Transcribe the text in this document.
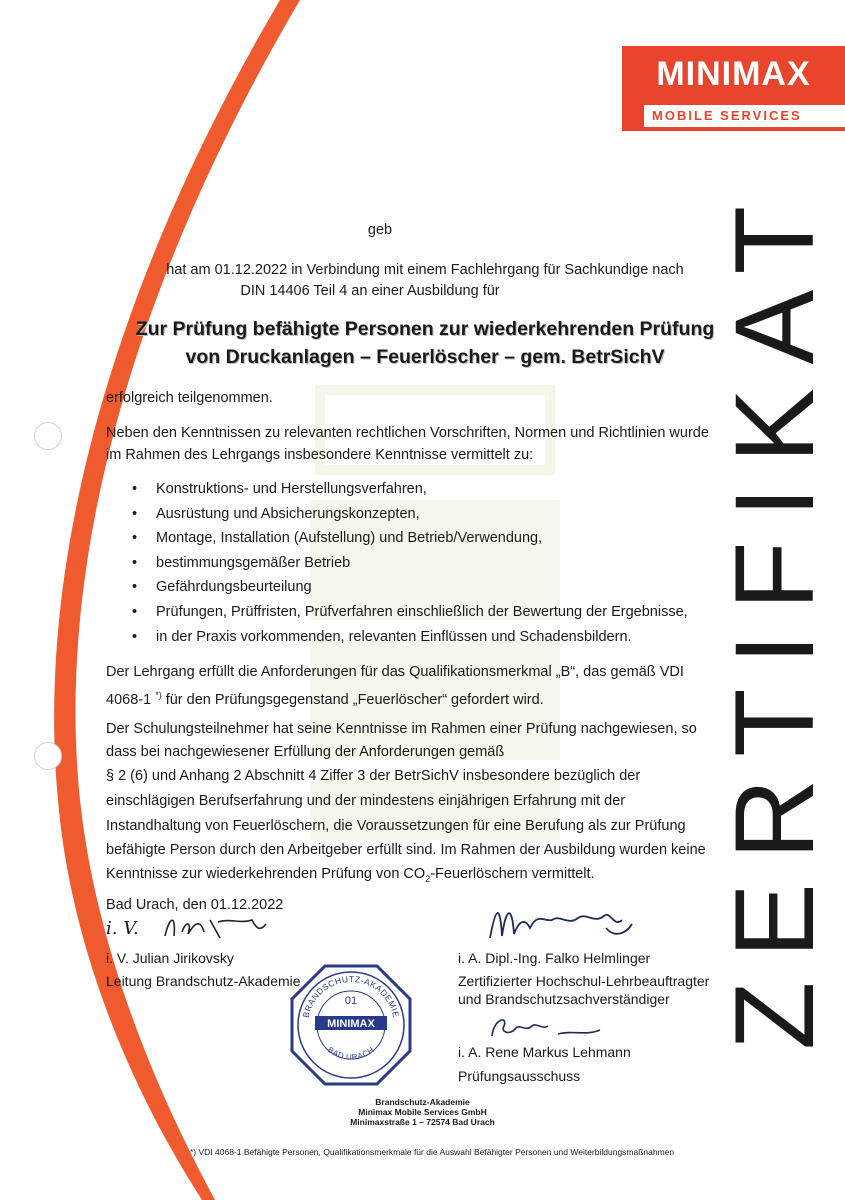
MINIMAX
MOBILE SERVICES
ZERTIFIKAT
geb
hat am 01.12.2022 in Verbindung mit einem Fachlehrgang für Sachkundige nach
DIN 14406 Teil 4 an einer Ausbildung für
Zur Prüfung befähigte Personen zur wiederkehrenden Prüfung
von Druckanlagen – Feuerlöscher – gem. BetrSichV
erfolgreich teilgenommen.
Neben den Kenntnissen zu relevanten rechtlichen Vorschriften, Normen und Richtlinien wurde
im Rahmen des Lehrgangs insbesondere Kenntnisse vermittelt zu:
• Konstruktions- und Herstellungsverfahren,
• Ausrüstung und Absicherungskonzepten,
• Montage, Installation (Aufstellung) und Betrieb/Verwendung,
• bestimmungsgemäßer Betrieb
• Gefährdungsbeurteilung
• Prüfungen, Prüffristen, Prüfverfahren einschließlich der Bewertung der Ergebnisse,
• in der Praxis vorkommenden, relevanten Einflüssen und Schadensbildern.
Der Lehrgang erfüllt die Anforderungen für das Qualifikationsmerkmal „B“, das gemäß VDI
4068-1 *) für den Prüfungsgegenstand „Feuerlöscher“ gefordert wird.
Der Schulungsteilnehmer hat seine Kenntnisse im Rahmen einer Prüfung nachgewiesen, so
dass bei nachgewiesener Erfüllung der Anforderungen gemäß
§ 2 (6) und Anhang 2 Abschnitt 4 Ziffer 3 der BetrSichV insbesondere bezüglich der
einschlägigen Berufserfahrung und der mindestens einjährigen Erfahrung mit der
Instandhaltung von Feuerlöschern, die Voraussetzungen für eine Berufung als zur Prüfung
befähigte Person durch den Arbeitgeber erfüllt sind. Im Rahmen der Ausbildung wurden keine
Kenntnisse zur wiederkehrenden Prüfung von $CO_2$-Feuerlöschern vermittelt.
Bad Urach, den 01.12.2022
i. V.
i. V. Julian Jirikovsky
Leitung Brandschutz-Akademie
i. A. Dipl.-Ing. Falko Helmlinger
Zertifizierter Hochschul-Lehrbeauftragter
und Brandschutzsachverständiger
i. A. Rene Markus Lehmann
Prüfungsausschuss
BRANDSCHUTZ-AKADEMIE
01
MINIMAX
BAD URACH
Brandschutz-Akademie
Minimax Mobile Services GmbH
Minimaxstraße 1 – 72574 Bad Urach
*) VDI 4068-1 Befähigte Personen, Qualifikationsmerkmale für die Auswahl Befähigter Personen und Weiterbildungsmaßnahmen
